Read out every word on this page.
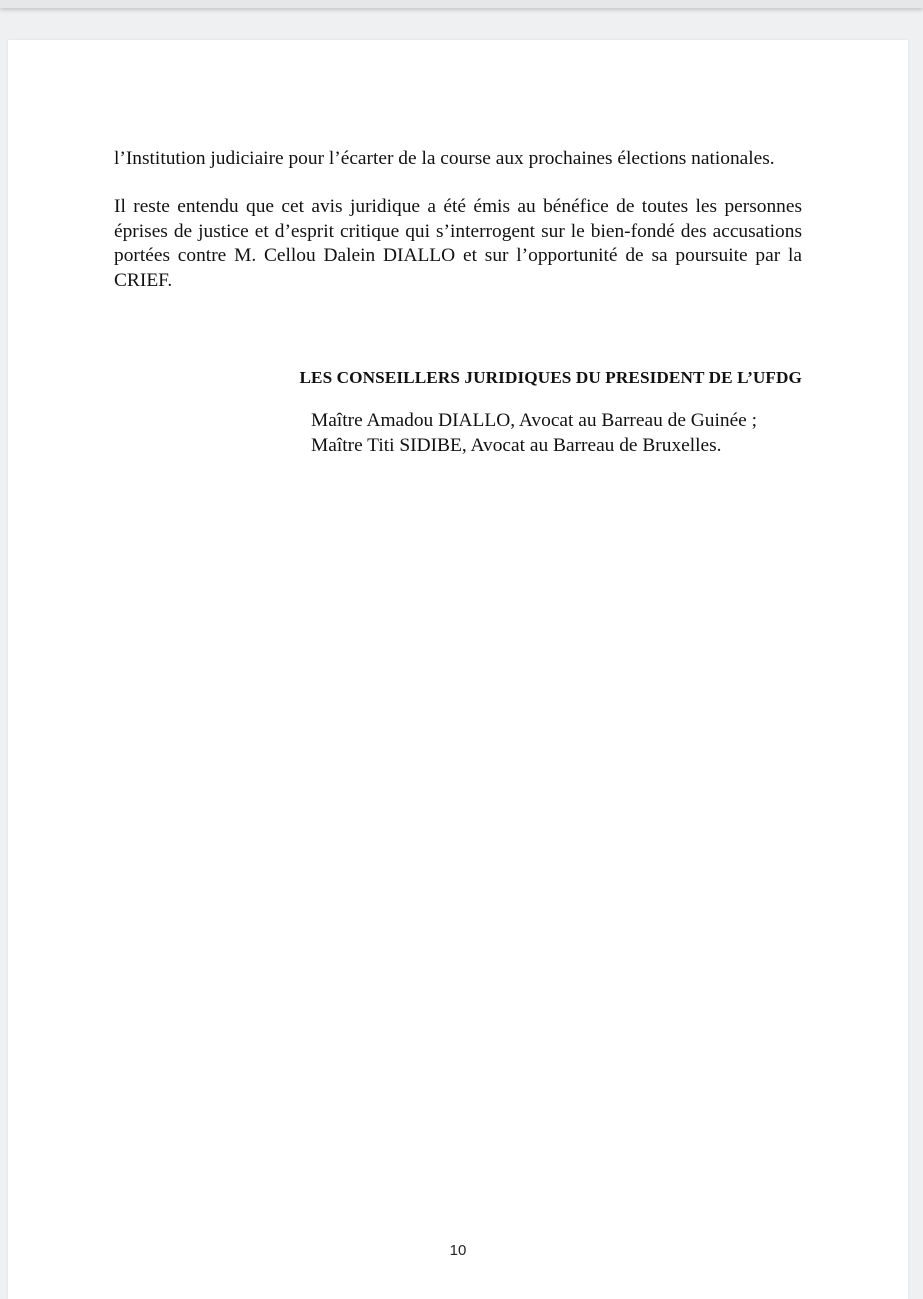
l’Institution judiciaire pour l’écarter de la course aux prochaines élections nationales.

Il reste entendu que cet avis juridique a été émis au bénéfice de toutes les personnes éprises de justice et d’esprit critique qui s’interrogent sur le bien-fondé des accusations portées contre M. Cellou Dalein DIALLO et sur l’opportunité de sa poursuite par la CRIEF.

LES CONSEILLERS JURIDIQUES DU PRESIDENT DE L’UFDG

Maître Amadou DIALLO, Avocat au Barreau de Guinée ;
Maître Titi SIDIBE, Avocat au Barreau de Bruxelles.
10
